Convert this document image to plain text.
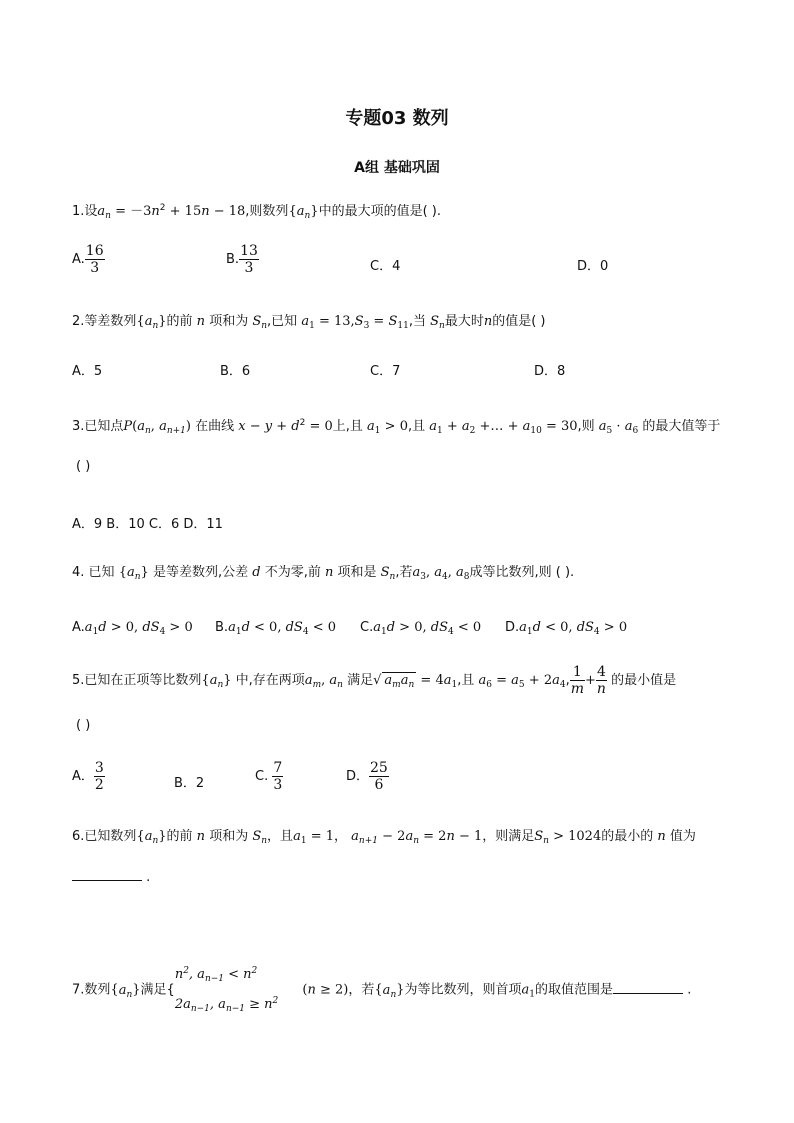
专题03 数列
A组 基础巩固
1.设$a_n = -3n^2 + 15n - 18$,则数列$\{a_n\}$中的最大项的值是( ).
A. $\frac{16}{3}$	B. $\frac{13}{3}$	C．4	D．0
2.等差数列$\{a_n\}$的前 n 项和为 $S_n$,已知 $a_1 = 13,S_3 = S_{11}$,当 $S_n$最大时n的值是( )
A．5	B．6	C．7	D．8
3.已知点$P(a_n$, $a_{n+1}$) 在曲线 $x - y + d^2 = 0$上,且 $a_1 > 0$,且 $a_1 + a_2$ +… + $a_{10} = 30$,则 $a_5 \cdot a_6$ 的最大值等于
( )
A．9 B．10 C．6 D．11
4. 已知 $\{a_n\}$ 是等差数列,公差 d 不为零,前 n 项和是 $S_n$,若$a_3$, $a_4$, $a_8$成等比数列,则 ( ).
$A.a_1d > 0$, $dS_4 > 0$ $B.a_1d < 0$, $dS_4 < 0$ $C.a_1d > 0$, $dS_4 < 0$ $D.a_1d < 0$, $dS_4 > 0$
5.已知在正项等比数列$\{a_n\}$ 中,存在两项$a_m$, $a_n$ 满足√ $a_ma_n = 4a_1$,且 $a_6 = a_5 + 2a_4$, $\frac{1}{m} + \frac{4}{n}$ 的最小值是
( )
A． $\frac{3}{2}$	B．2	C. $\frac{7}{3}$	D． $\frac{25}{6}$
6.已知数列$\{a_n\}$的前 n 项和为 $S_n$，且$a_1 = 1$， $a_{n+1} - 2a_n = 2n - 1$，则满足$S_n > 1024$的最小的 n 值为
.
7.数列$\{a_n\}$满足{
$n^2$, $a_{n-1} < n^2$
$2a_{n-1}$, $a_{n-1} \ge n^2$
(n ≥ 2)，若$\{a_n\}$为等比数列，则首项$a_1$的取值范围是	.
